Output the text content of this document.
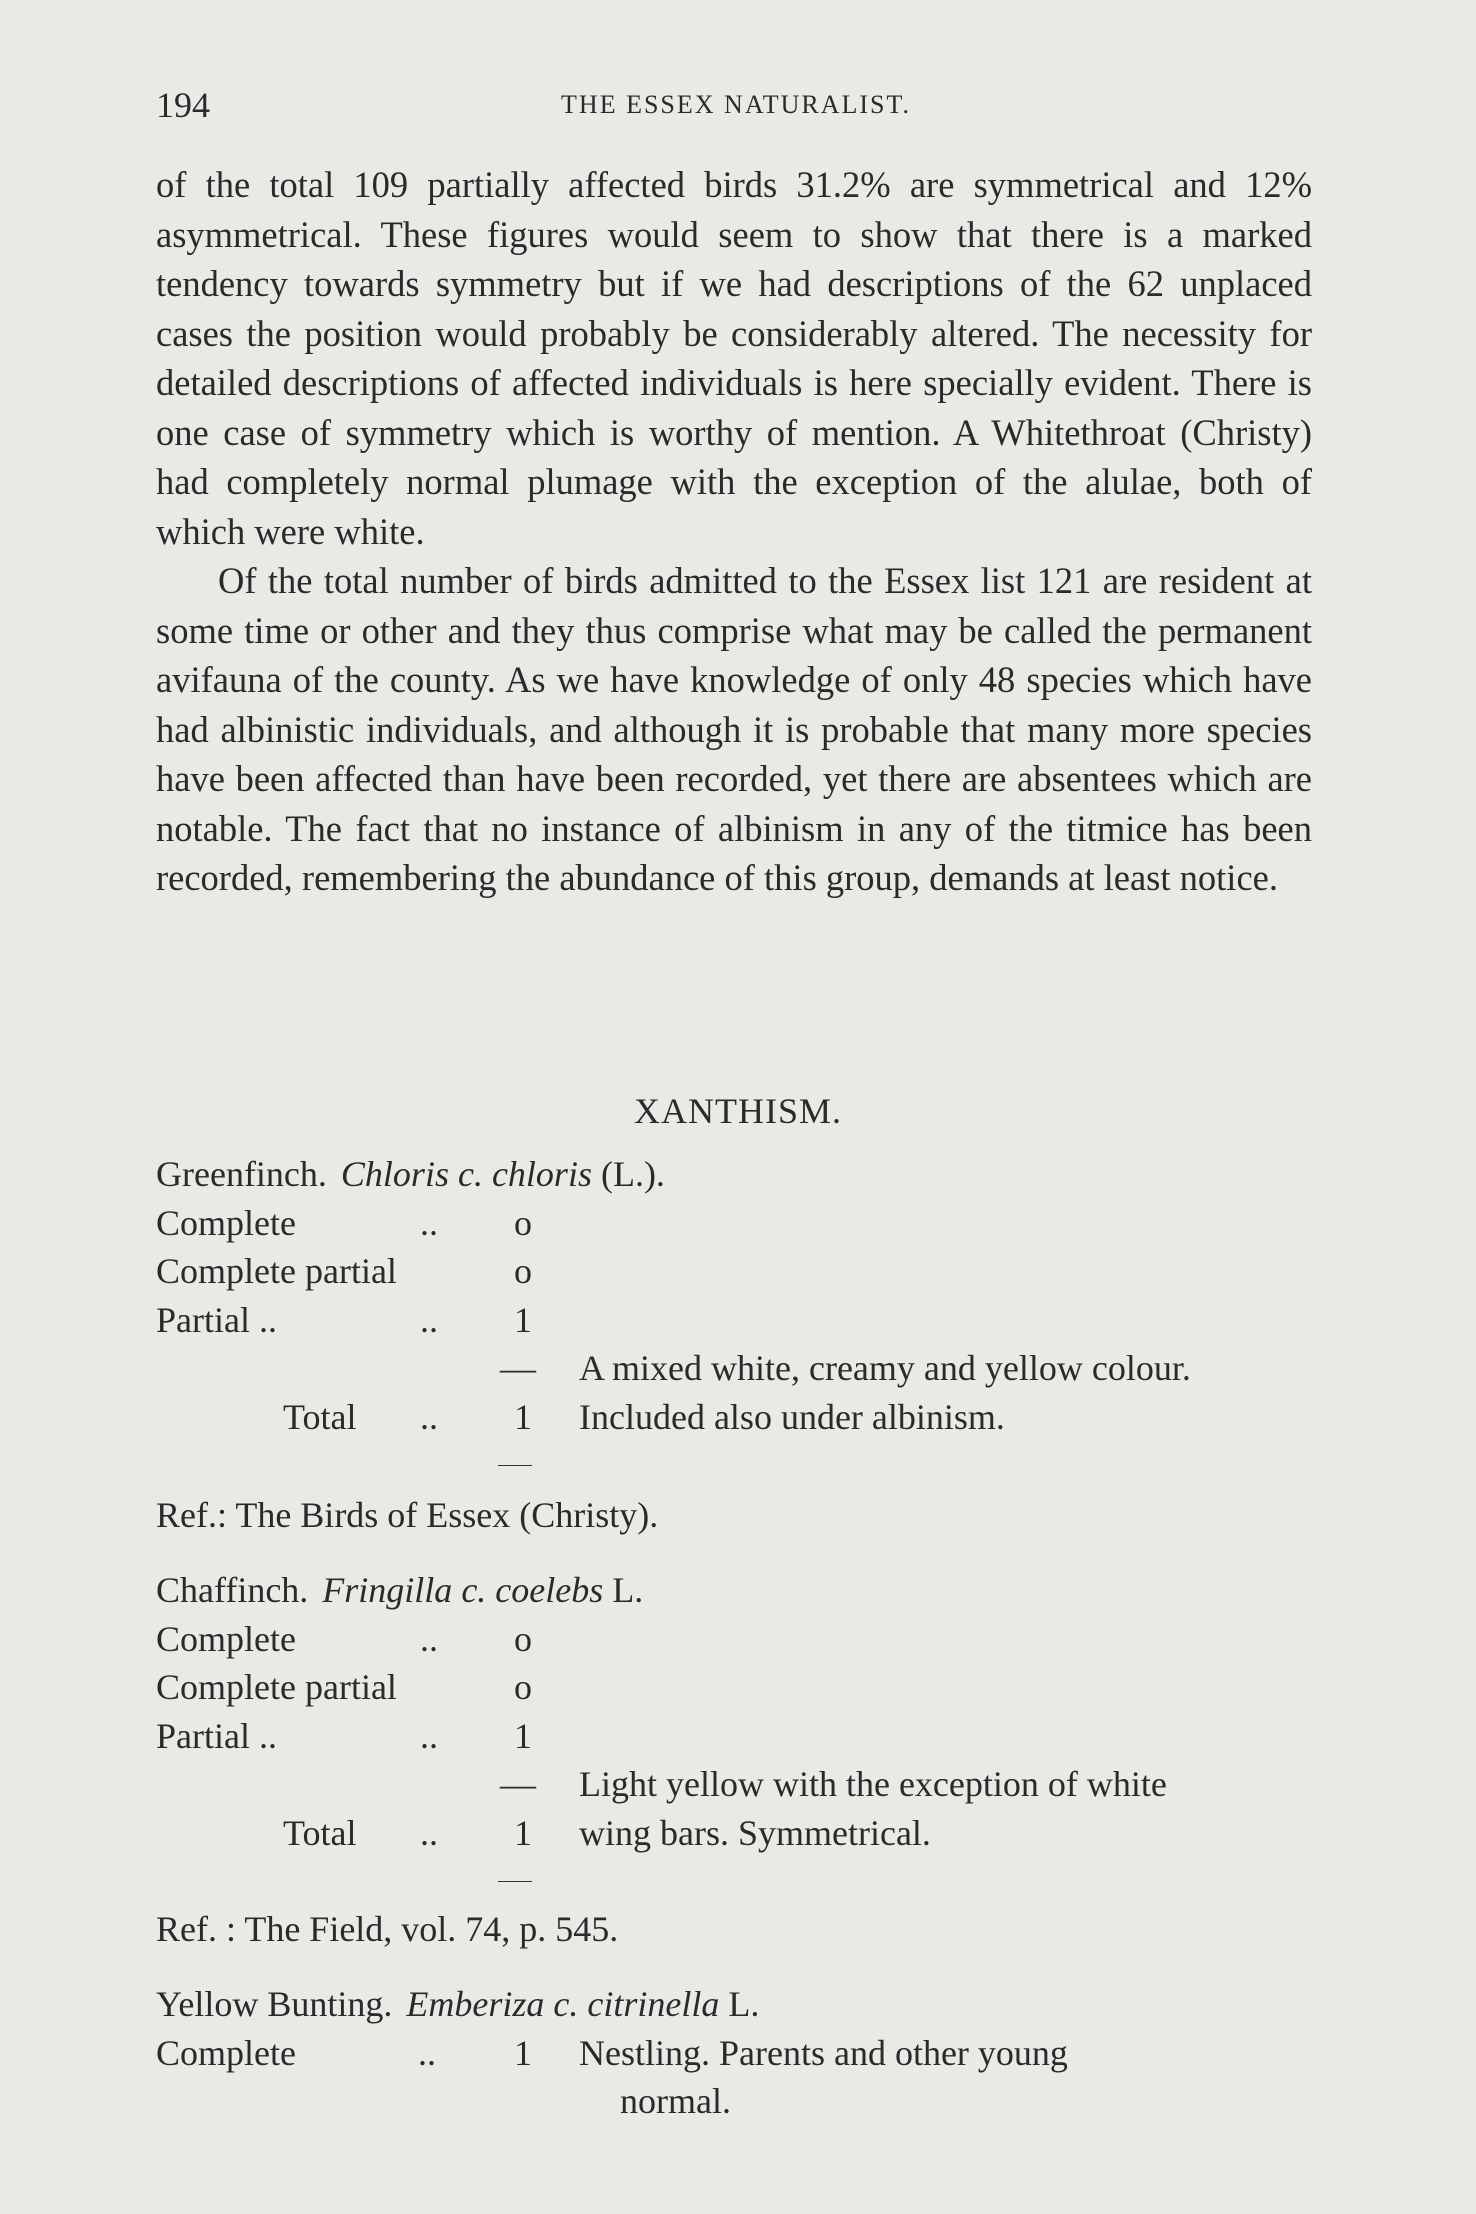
194	THE ESSEX NATURALIST.

of the total 109 partially affected birds 31.2% are symmetrical and 12% asymmetrical. These figures would seem to show that there is a marked tendency towards symmetry but if we had descriptions of the 62 unplaced cases the position would probably be considerably altered. The necessity for detailed descriptions of affected individuals is here specially evident. There is one case of symmetry which is worthy of mention. A Whitethroat (Christy) had completely normal plumage with the exception of the alulae, both of which were white.

Of the total number of birds admitted to the Essex list 121 are resident at some time or other and they thus comprise what may be called the permanent avifauna of the county. As we have knowledge of only 48 species which have had albinistic individuals, and although it is probable that many more species have been affected than have been recorded, yet there are absentees which are notable. The fact that no instance of albinism in any of the titmice has been recorded, remembering the abundance of this group, demands at least notice.

XANTHISM.
Greenfinch. Chloris c. chloris (L.).
Complete	.. o
Complete partial	o
Partial ..	.. 1
— A mixed white, creamy and yellow colour.
Total .. 1 Included also under albinism.
Ref.: The Birds of Essex (Christy).
Chaffinch. Fringilla c. coelebs L.
Complete	.. o
Complete partial	o
Partial ..	.. 1
— Light yellow with the exception of white
Total .. 1 wing bars. Symmetrical.
Ref. : The Field, vol. 74, p. 545.
Yellow Bunting. Emberiza c. citrinella L.
Complete	.. 1 Nestling. Parents and other young
normal.
